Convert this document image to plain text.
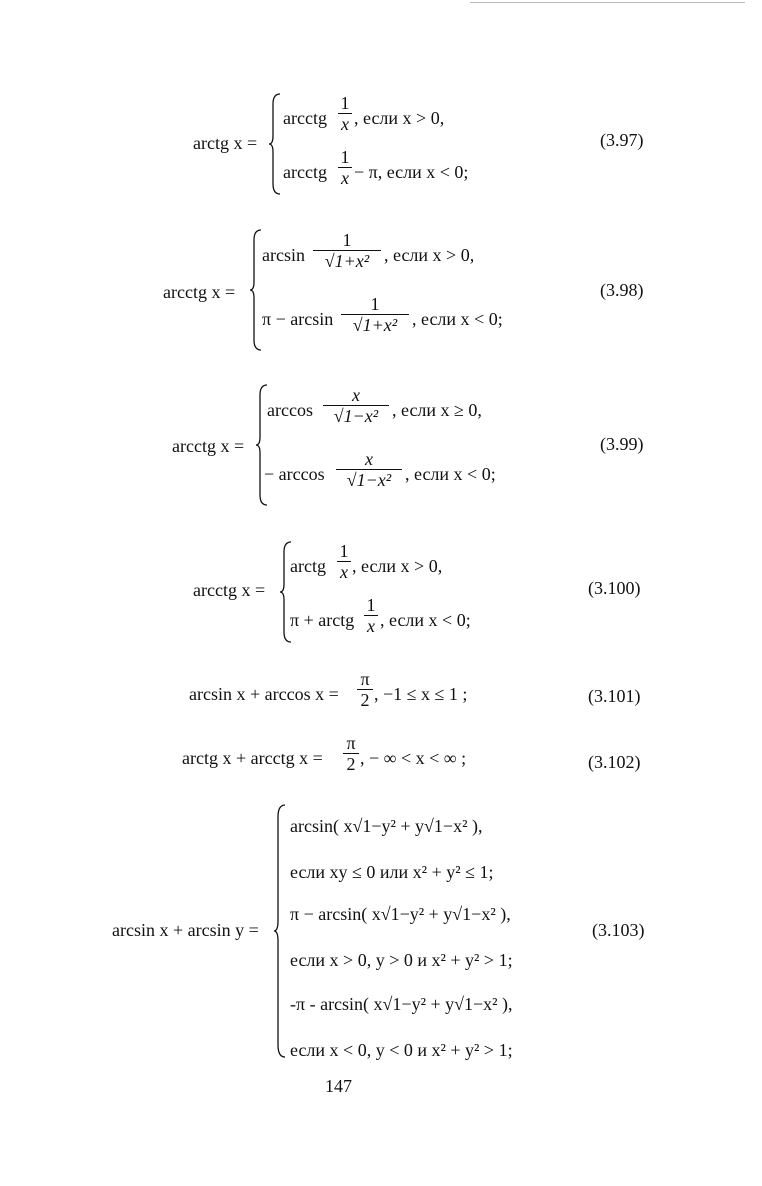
arctg x =
arcctg
1
x , если x > 0,
arcctg
1
x − π, если x < 0;
(3.97)
arcctg x =
arcsin
1
√1+x² , если x > 0,
π − arcsin
1
√1+x² , если x < 0;
(3.98)
arcctg x =
arccos
x
√1−x² , если x ≥ 0,
− arccos
x
√1−x² , если x < 0;
(3.99)
arcctg x =
arctg
1
x , если x > 0,
π + arctg
1
x , если x < 0;
(3.100)
arcsin x + arccos x =
π
2 , −1 ≤ x ≤ 1 ;	(3.101)
arctg x + arcctg x =
π
2 , − ∞ < x < ∞ ;	(3.102)
arcsin x + arcsin y =
arcsin( x√1−y² + y√1−x² ),
если xy ≤ 0 или x² + y² ≤ 1;
π − arcsin( x√1−y² + y√1−x² ),
если x > 0, y > 0 и x² + y² > 1;
-π - arcsin( x√1−y² + y√1−x² ),
если x < 0, y < 0 и x² + y² > 1;
(3.103)
147
